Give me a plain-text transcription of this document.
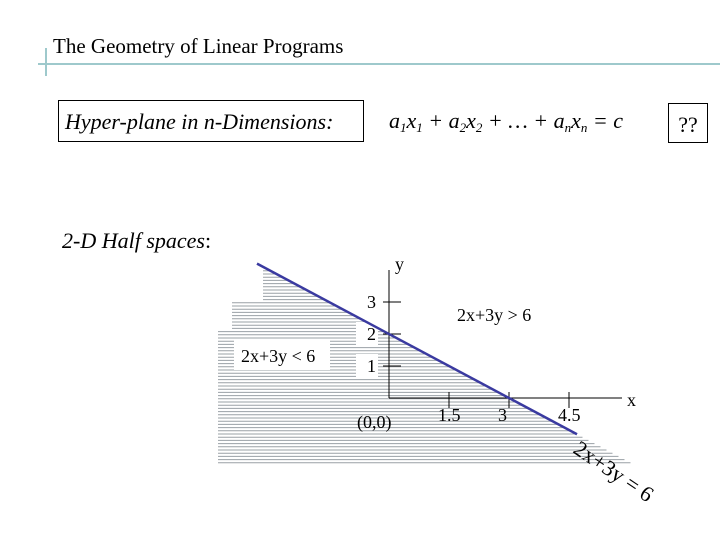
1
2
3
1.5 3	4.5
y
x
(0,0)
2x+3y < 6
2x+3y > 6
2x+3y = 6
The Geometry of Linear Programs
Hyper-plane in n-Dimensions:	$a_1x_1 + a_2x_2$ + … + $a_nx_n = c$	??
2-D Half spaces:
